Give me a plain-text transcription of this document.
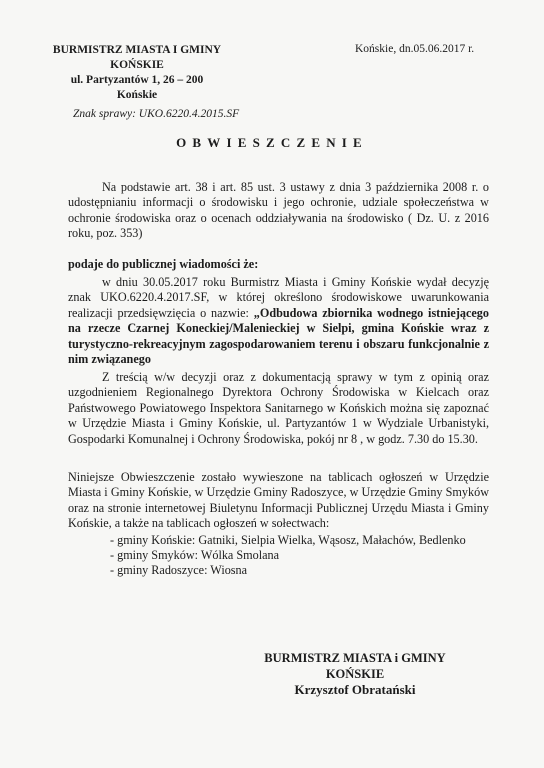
BURMISTRZ MIASTA I GMINY
KOŃSKIE
ul. Partyzantów 1, 26 – 200 Końskie
Końskie, dn.05.06.2017 r.
Znak sprawy: UKO.6220.4.2015.SF
OBWIESZCZENIE
Na podstawie art. 38 i art. 85 ust. 3 ustawy z dnia 3 października 2008 r. o udostępnianiu informacji o środowisku i jego ochronie, udziale społeczeństwa w ochronie środowiska oraz o ocenach oddziaływania na środowisko ( Dz. U. z 2016 roku, poz. 353)
podaje do publicznej wiadomości że:
w dniu 30.05.2017 roku Burmistrz Miasta i Gminy Końskie wydał decyzję znak UKO.6220.4.2017.SF, w której określono środowiskowe uwarunkowania realizacji przedsięwzięcia o nazwie: „Odbudowa zbiornika wodnego istniejącego na rzecze Czarnej Koneckiej/Malenieckiej w Sielpi, gmina Końskie wraz z turystyczno-rekreacyjnym zagospodarowaniem terenu i obszaru funkcjonalnie z nim związanego
Z treścią w/w decyzji oraz z dokumentacją sprawy w tym z opinią oraz uzgodnieniem Regionalnego Dyrektora Ochrony Środowiska w Kielcach oraz Państwowego Powiatowego Inspektora Sanitarnego w Końskich można się zapoznać w Urzędzie Miasta i Gminy Końskie, ul. Partyzantów 1 w Wydziale Urbanistyki, Gospodarki Komunalnej i Ochrony Środowiska, pokój nr 8 , w godz. 7.30 do 15.30.
Niniejsze Obwieszczenie zostało wywieszone na tablicach ogłoszeń w Urzędzie Miasta i Gminy Końskie, w Urzędzie Gminy Radoszyce, w Urzędzie Gminy Smyków oraz na stronie internetowej Biuletynu Informacji Publicznej Urzędu Miasta i Gminy Końskie, a także na tablicach ogłoszeń w sołectwach:
- gminy Końskie: Gatniki, Sielpia Wielka, Wąsosz, Małachów, Bedlenko
- gminy Smyków: Wólka Smolana
- gminy Radoszyce: Wiosna
BURMISTRZ MIASTA i GMINY
KOŃSKIE
Krzysztof Obratański
